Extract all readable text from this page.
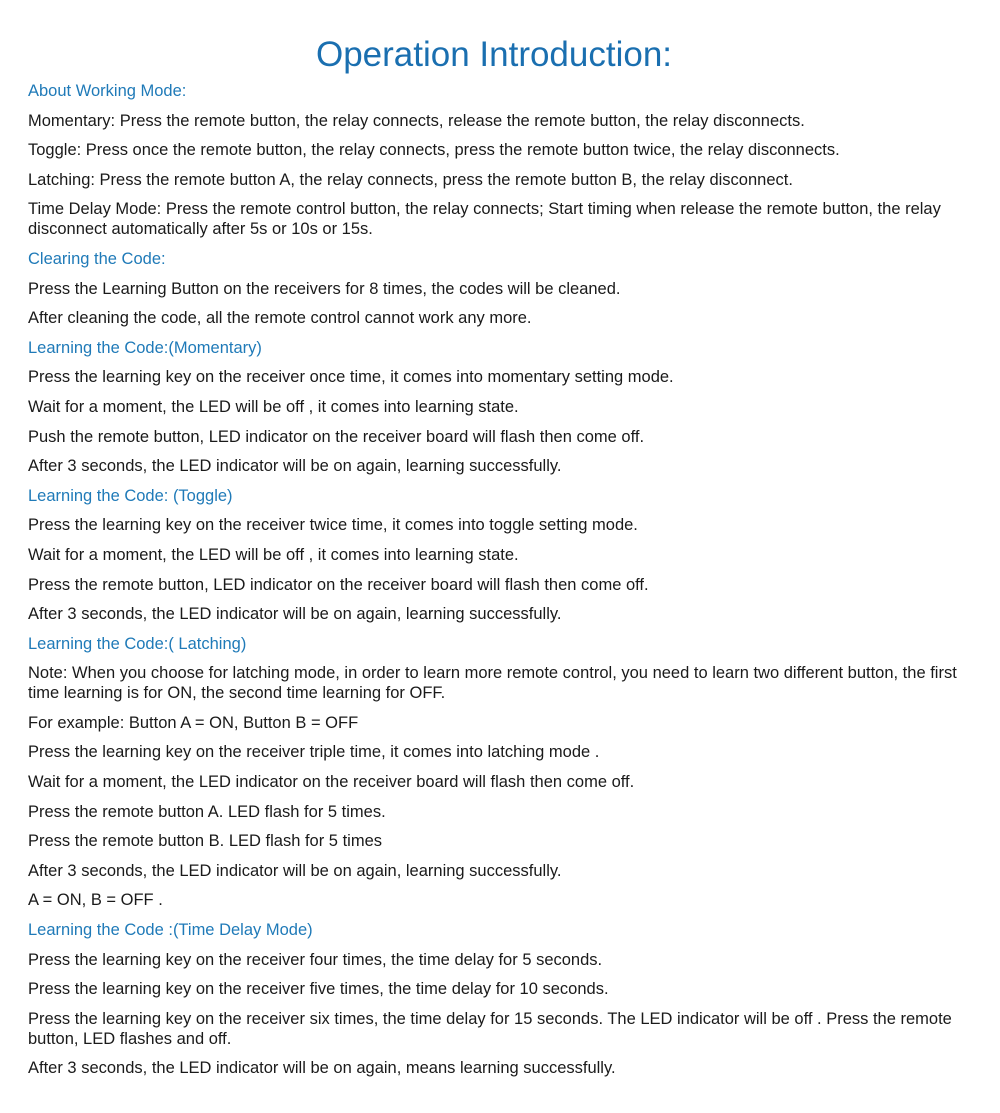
Operation Introduction:
About Working Mode:
Momentary: Press the remote button, the relay connects, release the remote button, the relay disconnects.
Toggle: Press once the remote button, the relay connects, press the remote button twice, the relay disconnects.
Latching: Press the remote button A, the relay connects, press the remote button B, the relay disconnect.
Time Delay Mode: Press the remote control button, the relay connects; Start timing when release the remote button, the relay disconnect automatically after 5s or 10s or 15s.
Clearing the Code:
Press the Learning Button on the receivers for 8 times, the codes will be cleaned.
After cleaning the code, all the remote control cannot work any more.
Learning the Code:(Momentary)
Press the learning key on the receiver once time, it comes into momentary setting mode.
Wait for a moment, the LED will be off , it comes into learning state.
Push the remote button, LED indicator on the receiver board will flash then come off.
After 3 seconds, the LED indicator will be on again, learning successfully.
Learning the Code: (Toggle)
Press the learning key on the receiver twice time, it comes into toggle setting mode.
Wait for a moment, the LED will be off , it comes into learning state.
Press the remote button, LED indicator on the receiver board will flash then come off.
After 3 seconds, the LED indicator will be on again, learning successfully.
Learning the Code:( Latching)
Note: When you choose for latching mode, in order to learn more remote control, you need to learn two different button, the first time learning is for ON, the second time learning for OFF.
For example: Button A = ON, Button B = OFF
Press the learning key on the receiver triple time, it comes into latching mode .
Wait for a moment, the LED indicator on the receiver board will flash then come off.
Press the remote button A. LED flash for 5 times.
Press the remote button B. LED flash for 5 times
After 3 seconds, the LED indicator will be on again, learning successfully.
A = ON, B = OFF .
Learning the Code :(Time Delay Mode)
Press the learning key on the receiver four times, the time delay for 5 seconds.
Press the learning key on the receiver five times, the time delay for 10 seconds.
Press the learning key on the receiver six times, the time delay for 15 seconds. The LED indicator will be off . Press the remote button, LED flashes and off.
After 3 seconds, the LED indicator will be on again, means learning successfully.
